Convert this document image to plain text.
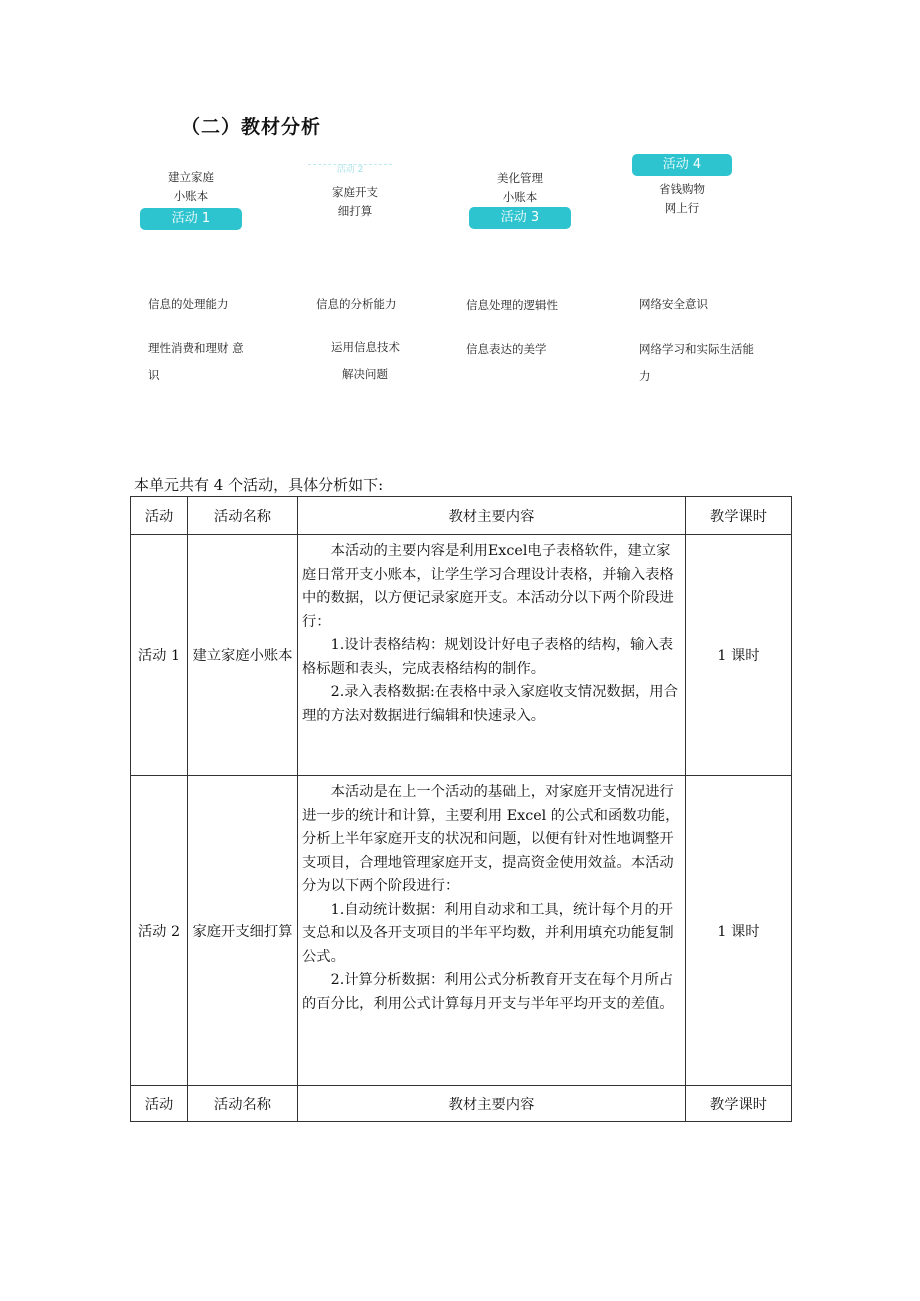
（二）教材分析
建立家庭
小账本
活动 1
活动 2
家庭开支
细打算
美化管理
小账本
活动 3
活动 4
省钱购物
网上行
信息的处理能力
理性消费和理财 意
识
信息的分析能力
运用信息技术
解决问题
信息处理的逻辑性
信息表达的美学
网络安全意识
网络学习和实际生活能
力
本单元共有 4 个活动，具体分析如下:
活动	活动名称	教材主要内容	教学课时
活动 1	建立家庭小账本	本活动的主要内容是利用Excel电子表格软件，建立家庭日常开支小账本，让学生学习合理设计表格，并输入表格中的数据，以方便记录家庭开支。本活动分以下两个阶段进行：

1.设计表格结构：规划设计好电子表格的结构，输入表格标题和表头，完成表格结构的制作。

2.录入表格数据:在表格中录入家庭收支情况数据，用合理的方法对数据进行编辑和快速录入。	1 课时
活动 2	家庭开支细打算	本活动是在上一个活动的基础上，对家庭开支情况进行进一步的统计和计算，主要利用 Excel 的公式和函数功能，分析上半年家庭开支的状况和问题，以便有针对性地调整开支项目，合理地管理家庭开支，提高资金使用效益。本活动分为以下两个阶段进行：

1.自动统计数据：利用自动求和工具，统计每个月的开支总和以及各开支项目的半年平均数，并利用填充功能复制公式。

2.计算分析数据：利用公式分析教育开支在每个月所占的百分比，利用公式计算每月开支与半年平均开支的差值。	1 课时
活动	活动名称	教材主要内容	教学课时
